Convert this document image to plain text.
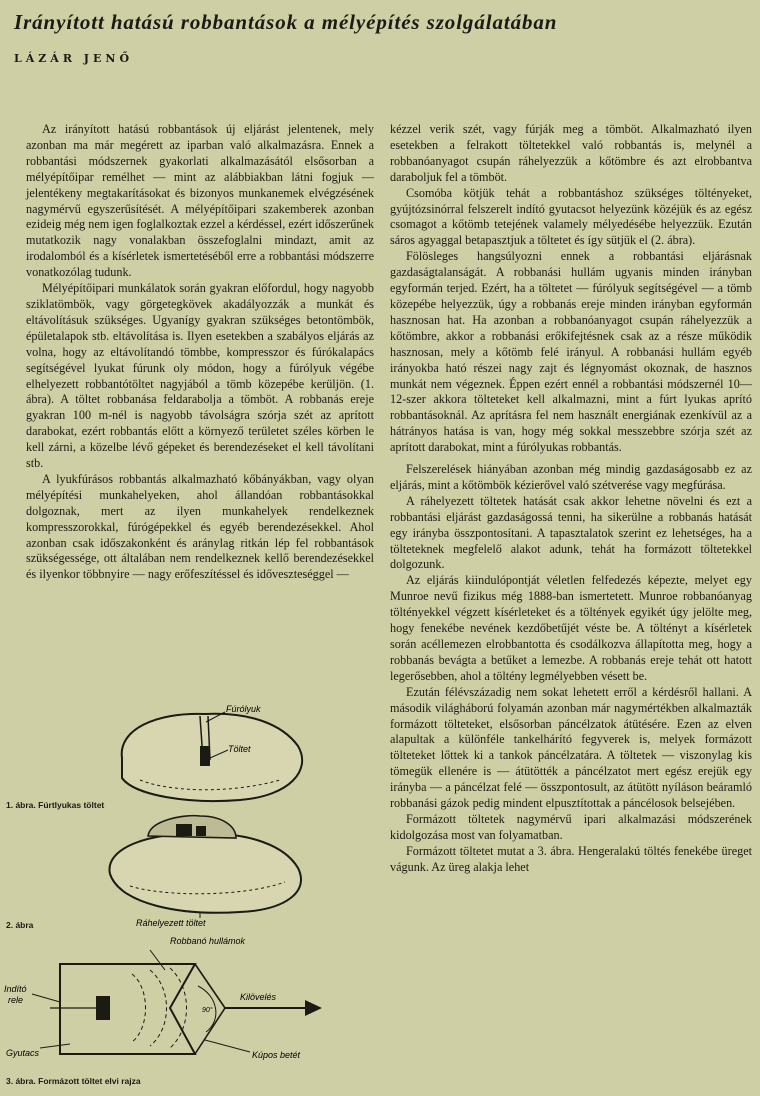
Irányított hatású robbantások a mélyépítés szolgálatában
LÁZÁR JENŐ

Az irányított hatású robbantások új eljárást jelentenek, mely azonban ma már megérett az iparban való alkalmazásra. Ennek a robbantási módszernek gyakorlati alkalmazásától elsősorban a mélyépítőipar remélhet — mint az alábbiakban látni fogjuk — jelentékeny megtakarításokat és bizonyos munkanemek elvégzésének nagymérvű egyszerűsítését. A mélyépítőipari szakemberek azonban ezideig még nem igen foglalkoztak ezzel a kérdéssel, ezért időszerűnek mutatkozik nagy vonalakban összefoglalni mindazt, amit az irodalomból és a kísérletek ismertetéséből erre a robbantási módszerre vonatkozólag tudunk.

Mélyépítőipari munkálatok során gyakran előfordul, hogy nagyobb sziklatömbök, vagy görgetegkövek akadályozzák a munkát és eltávolításuk szükséges. Ugyanígy gyakran szükséges betontömbök, épületalapok stb. eltávolítása is. Ilyen esetekben a szabályos eljárás az volna, hogy az eltávolítandó tömbbe, kompresszor és fúrókalapács segítségével lyukat fúrunk oly módon, hogy a fúrólyuk végébe elhelyezett robbantótöltet nagyjából a tömb közepébe kerüljön. (1. ábra). A töltet robbanása feldarabolja a tömböt. A robbanás ereje gyakran 100 m-nél is nagyobb távolságra szórja szét az aprított darabokat, ezért robbantás előtt a környező területet széles körben le kell zárni, a közelbe lévő gépeket és berendezéseket el kell távolítani stb.

A lyukfúrásos robbantás alkalmazható kőbányákban, vagy olyan mélyépítési munkahelyeken, ahol állandóan robbantásokkal dolgoznak, mert az ilyen munkahelyek rendelkeznek kompresszorokkal, fúrógépekkel és egyéb berendezésekkel. Ahol azonban csak időszakonként és aránylag ritkán lép fel robbantások szükségessége, ott általában nem rendelkeznek kellő berendezésekkel és ilyenkor többnyire — nagy erőfeszítéssel és időveszteséggel —

Fúrólyuk
Töltet
1. ábra. Fúrtlyukas töltet
Ráhelyezett töltet
2. ábra
Robbanó hullámok
Indító
rele
Gyutacs
Kilövelés
Kúpos betét
90°
3. ábra. Formázott töltet elvi rajza

kézzel verik szét, vagy fúrják meg a tömböt. Alkalmazható ilyen esetekben a felrakott töltetekkel való robbantás is, melynél a robbanóanyagot csupán ráhelyezzük a kőtömbre és azt elrobbantva daraboljuk fel a tömböt.

Csomóba kötjük tehát a robbantáshoz szükséges töltényeket, gyújtózsinórral felszerelt indító gyutacsot helyezünk közéjük és az egész csomagot a kőtömb tetejének valamely mélyedésébe helyezzük. Ezután sáros agyaggal betapasztjuk a töltetet és így sütjük el (2. ábra).

Fölösleges hangsúlyozni ennek a robbantási eljárásnak gazdaságtalanságát. A robbanási hullám ugyanis minden irányban egyformán terjed. Ezért, ha a töltetet — fúrólyuk segítségével — a tömb közepébe helyezzük, úgy a robbanás ereje minden irányban egyformán hasznosan hat. Ha azonban a robbanóanyagot csupán ráhelyezzük a kőtömbre, akkor a robbanási erőkifejtésnek csak az a része működik hasznosan, mely a kőtömb felé irányul. A robbanási hullám egyéb irányokba ható részei nagy zajt és légnyomást okoznak, de hasznos munkát nem végeznek. Éppen ezért ennél a robbantási módszernél 10—12-szer akkora tölteteket kell alkalmazni, mint a fúrt lyukas aprító robbantásoknál. Az aprításra fel nem használt energiának ezenkívül az a hátrányos hatása is van, hogy még sokkal messzebbre szórja szét az aprított darabokat, mint a fúrólyukas robbantás.

Felszerelések hiányában azonban még mindig gazdaságosabb ez az eljárás, mint a kőtömbök kézierővel való szétverése vagy megfúrása.

A ráhelyezett töltetek hatását csak akkor lehetne növelni és ezt a robbantási eljárást gazdaságossá tenni, ha sikerülne a robbanás hatását egy irányba összpontosítani. A tapasztalatok szerint ez lehetséges, ha a tölteteknek megfelelő alakot adunk, tehát ha formázott töltetekkel dolgozunk.

Az eljárás kiindulópontját véletlen felfedezés képezte, melyet egy Munroe nevű fizikus még 1888-ban ismertetett. Munroe robbanóanyag töltényekkel végzett kísérleteket és a töltények egyikét úgy jelölte meg, hogy fenekébe nevének kezdőbetűjét véste be. A töltényt a kísérletek során acéllemezen elrobbantotta és csodálkozva állapította meg, hogy a robbanás bevágta a betűket a lemezbe. A robbanás ereje tehát ott hatott legerősebben, ahol a töltény legmélyebben vésett be.

Ezután félévszázadig nem sokat lehetett erről a kérdésről hallani. A második világháború folyamán azonban már nagymértékben alkalmazták formázott tölteteket, elsősorban páncélzatok átütésére. Ezen az elven alapultak a különféle tankelhárító fegyverek is, melyek formázott tölteteket lőttek ki a tankok páncélzatára. A töltetek — viszonylag kis tömegük ellenére is — átütötték a páncélzatot mert egész erejük egy irányba — a páncélzat felé — összpontosult, az átütött nyíláson beáramló robbanási gázok pedig mindent elpusztítottak a páncélosok belsejében.

Formázott töltetek nagymérvű ipari alkalmazási módszerének kidolgozása most van folyamatban.

Formázott töltetet mutat a 3. ábra. Hengeralakú töltés fenekébe üreget vágunk. Az üreg alakja lehet
